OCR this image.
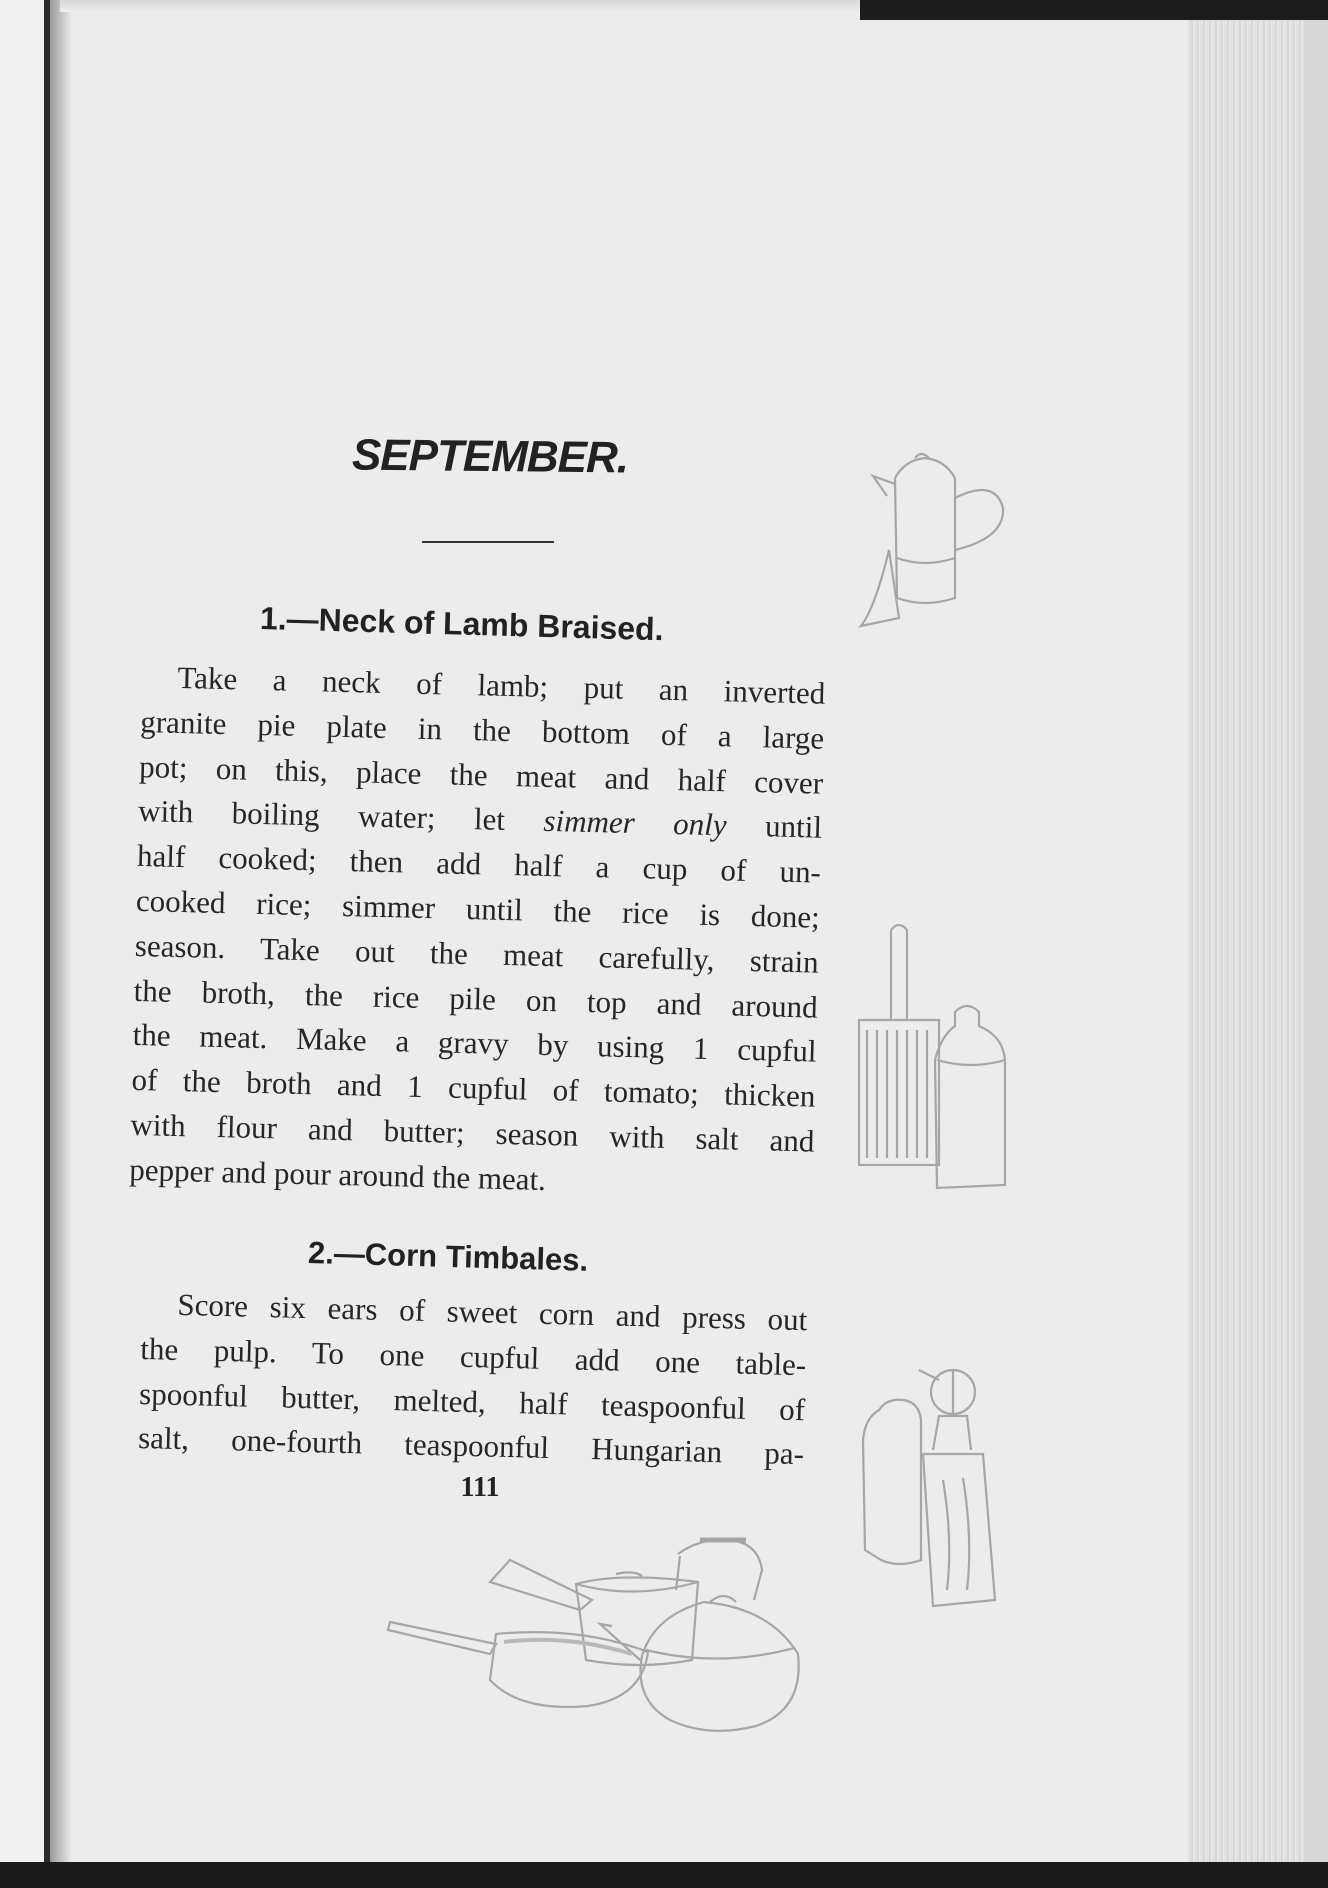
SEPTEMBER.
1.—Neck of Lamb Braised.
Take a neck of lamb; put an inverted
granite pie plate in the bottom of a large
pot; on this, place the meat and half cover
with boiling water; let simmer only until
half cooked; then add half a cup of un-
cooked rice; simmer until the rice is done;
season. Take out the meat carefully, strain
the broth, the rice pile on top and around
the meat. Make a gravy by using 1 cupful
of the broth and 1 cupful of tomato; thicken
with flour and butter; season with salt and
pepper and pour around the meat.
2.—Corn Timbales.
Score six ears of sweet corn and press out
the pulp. To one cupful add one table-
spoonful butter, melted, half teaspoonful of
salt, one-fourth teaspoonful Hungarian pa-
111
